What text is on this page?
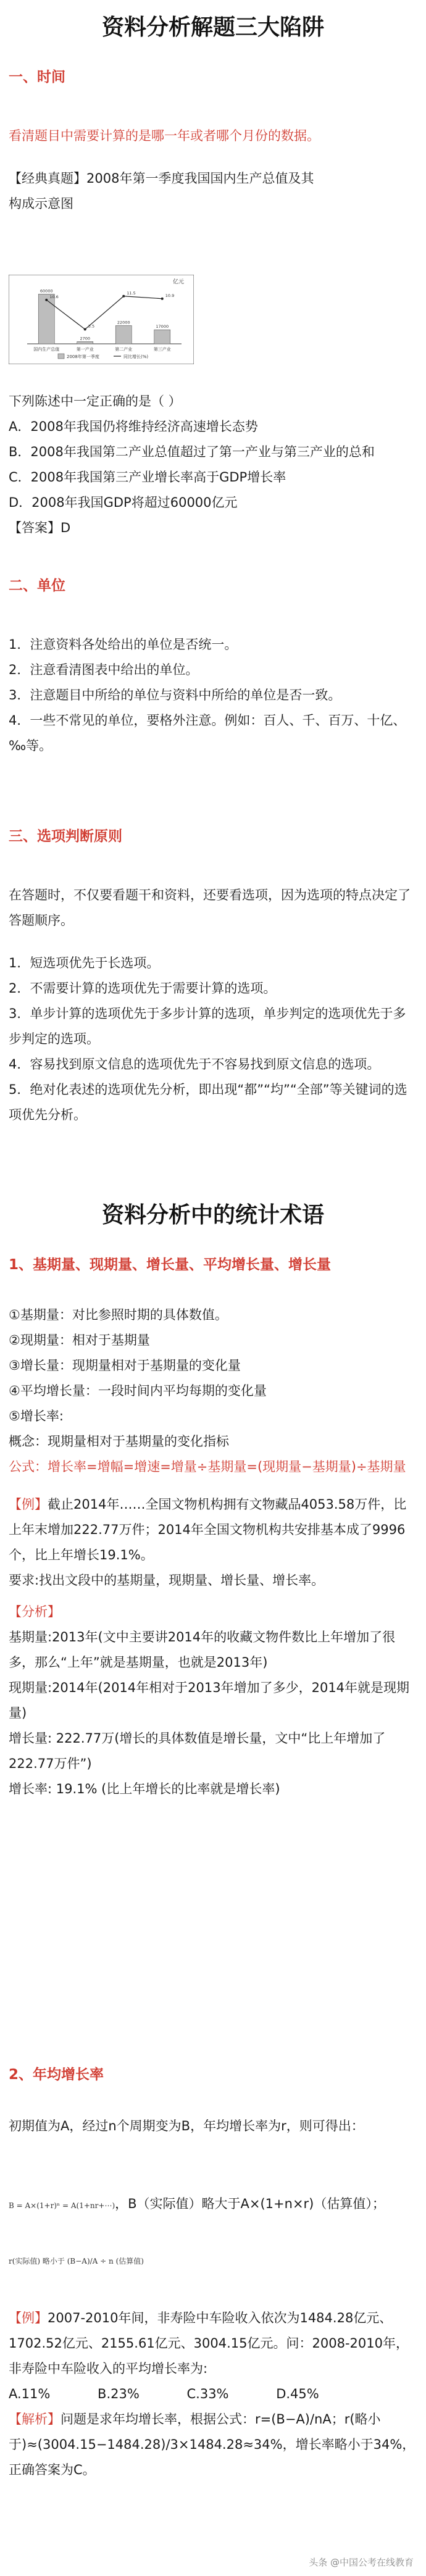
资料分析解题三大陷阱
一、时间

看清题目中需要计算的是哪一年或者哪个月份的数据。

【经典真题】2008年第一季度我国国内生产总值及其

构成示意图

亿元
国内生产总值
60000
第一产业
2700
第二产业
22000
第三产业
17000
10.6
3.5
11.5
10.9
2008年第一季度	同比增长(%)

下列陈述中一定正确的是（ ）

A．2008年我国仍将维持经济高速增长态势

B．2008年我国第二产业总值超过了第一产业与第三产业的总和

C．2008年我国第三产业增长率高于GDP增长率

D．2008年我国GDP将超过60000亿元

【答案】D

二、单位

1．注意资料各处给出的单位是否统一。

2．注意看清图表中给出的单位。

3．注意题目中所给的单位与资料中所给的单位是否一致。

4．一些不常见的单位，要格外注意。例如：百人、千、百万、十亿、‰等。

三、选项判断原则

在答题时，不仅要看题干和资料，还要看选项，因为选项的特点决定了答题顺序。

1．短选项优先于长选项。

2．不需要计算的选项优先于需要计算的选项。

3．单步计算的选项优先于多步计算的选项，单步判定的选项优先于多步判定的选项。

4．容易找到原文信息的选项优先于不容易找到原文信息的选项。

5．绝对化表述的选项优先分析，即出现“都”“均”“全部”等关键词的选项优先分析。

资料分析中的统计术语
1、基期量、现期量、增长量、平均增长量、增长量

①基期量：对比参照时期的具体数值。

②现期量：相对于基期量

③增长量：现期量相对于基期量的变化量

④平均增长量：一段时间内平均每期的变化量

⑤增长率:

概念：现期量相对于基期量的变化指标

公式：增长率=增幅=增速=增量÷基期量=(现期量−基期量)÷基期量

【例】截止2014年……全国文物机构拥有文物藏品4053.58万件，比上年末增加222.77万件；2014年全国文物机构共安排基本成了9996个，比上年增长19.1%。

要求:找出文段中的基期量，现期量、增长量、增长率。

【分析】

基期量:2013年(文中主要讲2014年的收藏文物件数比上年增加了很多，那么“上年”就是基期量，也就是2013年)

现期量:2014年(2014年相对于2013年增加了多少，2014年就是现期量)

增长量: 222.77万(增长的具体数值是增长量，文中“比上年增加了222.77万件”)

增长率: 19.1% (比上年增长的比率就是增长率)

2、年均增长率

初期值为A，经过n个周期变为B，年均增长率为r，则可得出：

B = A×(1+r)ⁿ = A(1+nr+⋯)，B（实际值）略大于A×(1+n×r)（估算值）；
r(实际值) 略小于 (B−A)/A ÷ n (估算值)

【例】2007-2010年间，非寿险中车险收入依次为1484.28亿元、1702.52亿元、2155.61亿元、3004.15亿元。问：2008-2010年，非寿险中车险收入的平均增长率为:

A.11%	B.23%	C.33%	D.45%

【解析】问题是求年均增长率，根据公式：r=(B−A)/nA；r(略小于)≈(3004.15−1484.28)/3×1484.28≈34%，增长率略小于34%，正确答案为C。

头条 @中国公考在线教育
